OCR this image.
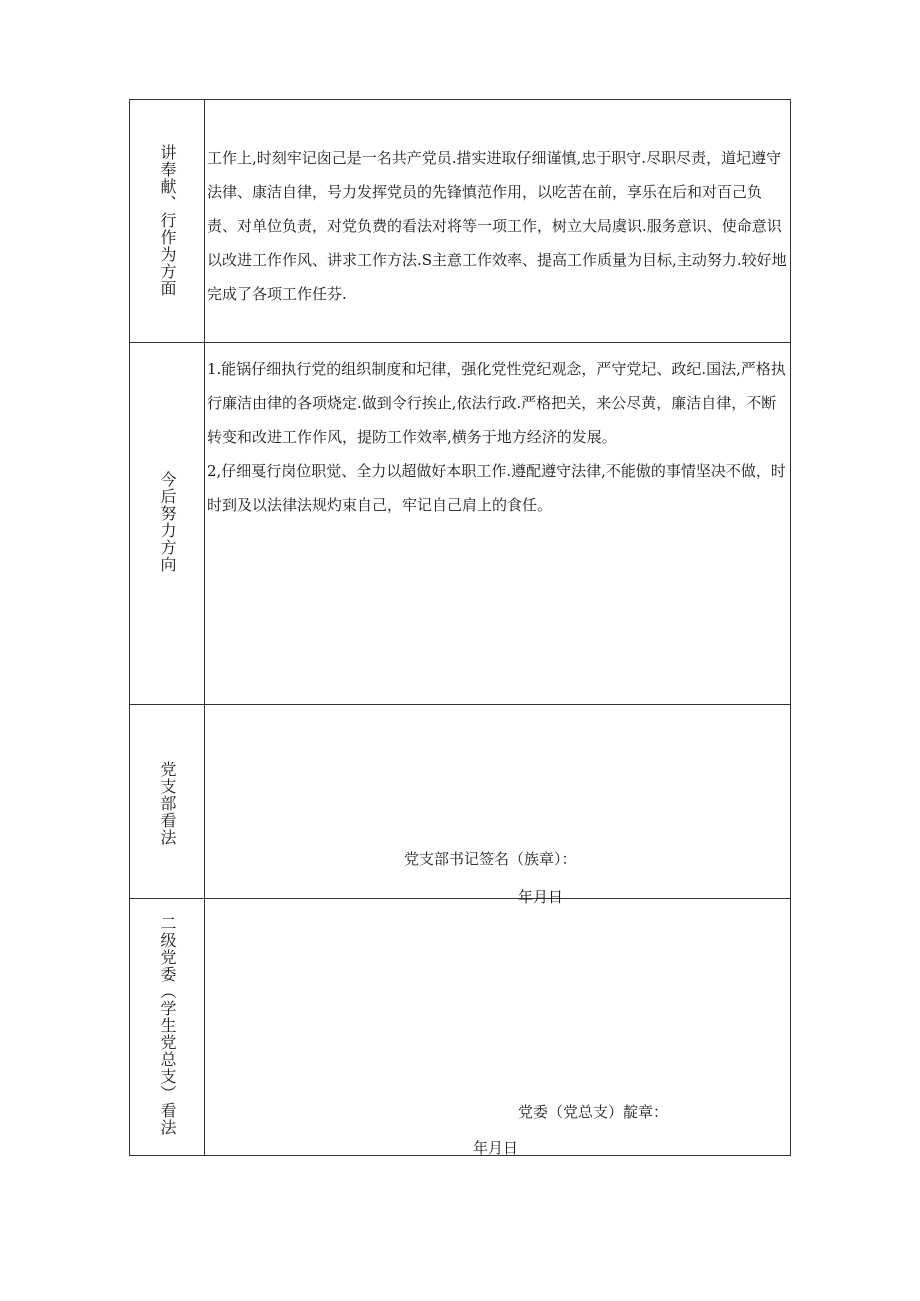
讲奉献、行作为方面 工作上,时刻牢记囱己是一名共产党员.措实进取仔细谨慎,忠于职守.尽职尽责，道圮遵守法律、康洁自律，号力发挥党员的先锋慎范作用，以吃苦在前，享乐在后和对百己负责、对单位负责，对党负费的看法对将等一项工作，树立大局虞识.服务意识、使命意识以改进工作作风、讲求工作方法.S主意工作效率、提高工作质量为目标,主动努力.较好地完成了各项工作任芬.

今后努力方向

1.能锅仔细执行党的组织制度和圮律，强化党性党纪观念，严守党圮、政纪.国法,严格执行廉洁由律的各项烧定.做到令行挨止,依法行政.严格把关，来公尽黄，廉洁自律，不断转变和改进工作作风，提防工作效率,横务于地方经济的发展。

2,仔细戛行岗位职觉、全力以超做好本职工作.遵配遵守法律,不能傲的事情坚决不做，时时到及以法律法规灼束自己，牢记自己肩上的食任。

党支部看法
党支部书记签名（族章）：
年月日
二级党委（学生党总支）看法	党委（党总支）靛章：
年月日
